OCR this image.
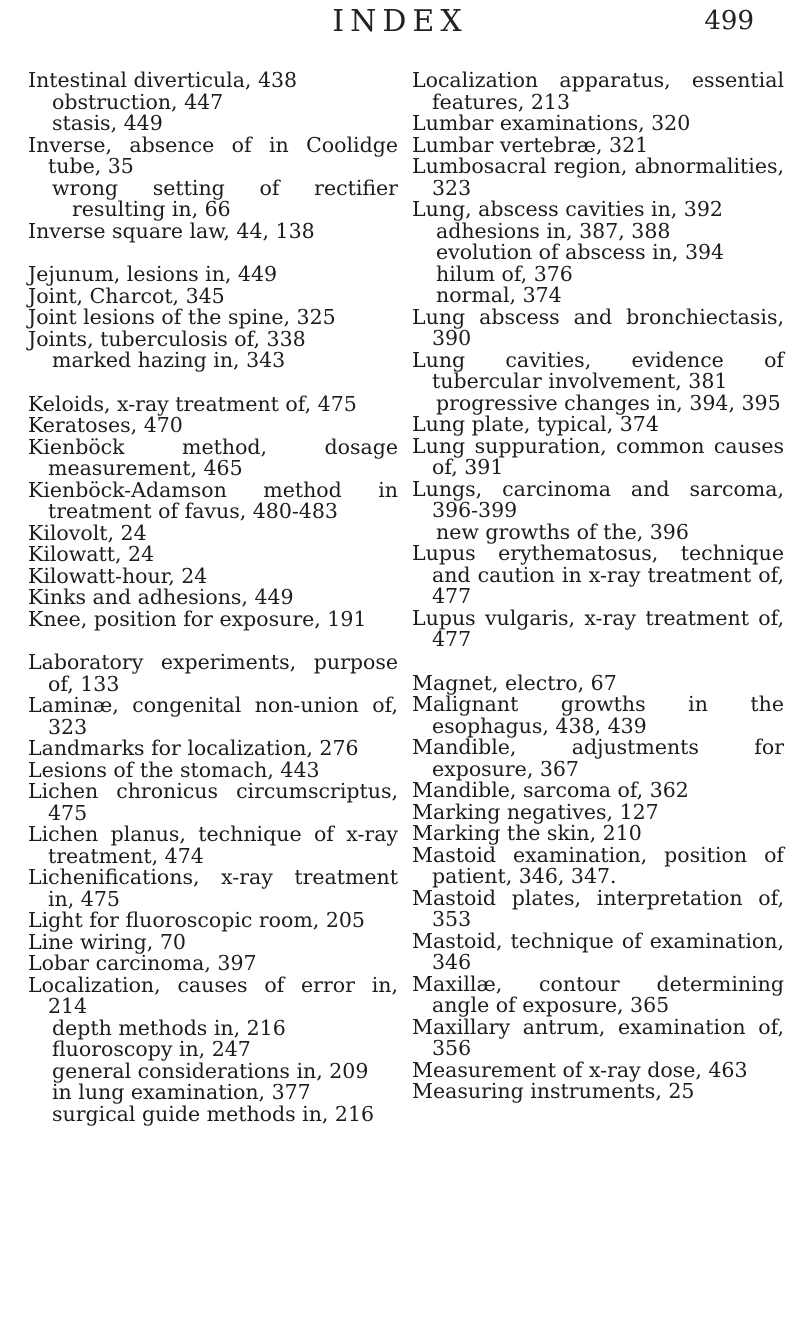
INDEX	499
Intestinal diverticula, 438
obstruction, 447
stasis, 449
Inverse, absence of in Coolidge tube, 35
wrong setting of rectifier resulting in, 66
Inverse square law, 44, 138
Jejunum, lesions in, 449
Joint, Charcot, 345
Joint lesions of the spine, 325
Joints, tuberculosis of, 338
marked hazing in, 343
Keloids, x-ray treatment of, 475
Keratoses, 470
Kienböck method, dosage measurement, 465
Kienböck-Adamson method in treatment of favus, 480-483
Kilovolt, 24
Kilowatt, 24
Kilowatt-hour, 24
Kinks and adhesions, 449
Knee, position for exposure, 191
Laboratory experiments, purpose of, 133
Laminæ, congenital non-union of, 323
Landmarks for localization, 276
Lesions of the stomach, 443
Lichen chronicus circumscriptus, 475
Lichen planus, technique of x-ray treatment, 474
Lichenifications, x-ray treatment in, 475
Light for fluoroscopic room, 205
Line wiring, 70
Lobar carcinoma, 397
Localization, causes of error in, 214
depth methods in, 216
fluoroscopy in, 247
general considerations in, 209
in lung examination, 377
surgical guide methods in, 216
Localization apparatus, essential features, 213
Lumbar examinations, 320
Lumbar vertebræ, 321
Lumbosacral region, abnormalities, 323
Lung, abscess cavities in, 392
adhesions in, 387, 388
evolution of abscess in, 394
hilum of, 376
normal, 374
Lung abscess and bronchiectasis, 390
Lung cavities, evidence of tubercular involvement, 381
progressive changes in, 394, 395
Lung plate, typical, 374
Lung suppuration, common causes of, 391
Lungs, carcinoma and sarcoma, 396-399
new growths of the, 396
Lupus erythematosus, technique and caution in x-ray treatment of, 477
Lupus vulgaris, x-ray treatment of, 477
Magnet, electro, 67
Malignant growths in the esophagus, 438, 439
Mandible, adjustments for exposure, 367
Mandible, sarcoma of, 362
Marking negatives, 127
Marking the skin, 210
Mastoid examination, position of patient, 346, 347.
Mastoid plates, interpretation of, 353
Mastoid, technique of examination, 346
Maxillæ, contour determining angle of exposure, 365
Maxillary antrum, examination of, 356
Measurement of x-ray dose, 463
Measuring instruments, 25
